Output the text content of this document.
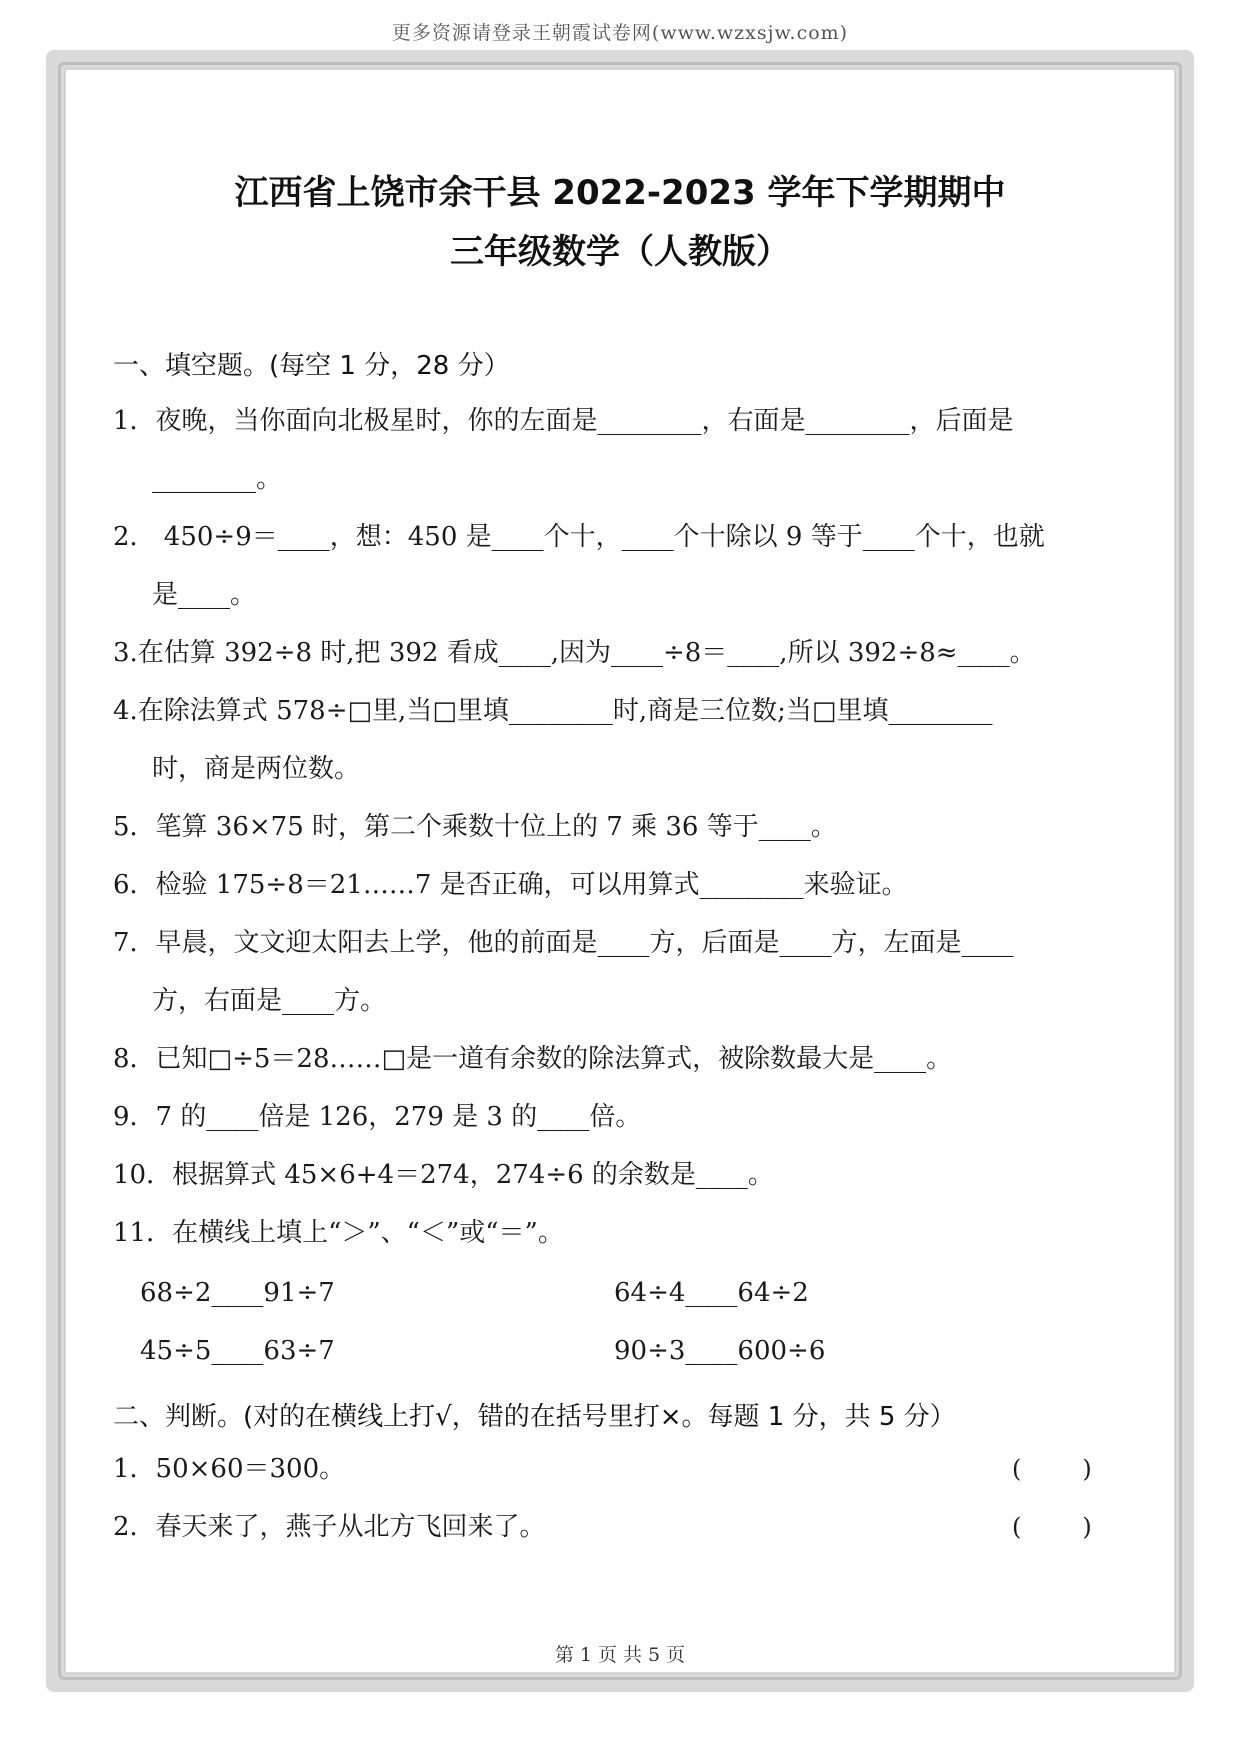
更多资源请登录王朝霞试卷网(www.wzxsjw.com)
江西省上饶市余干县 2022-2023 学年下学期期中
三年级数学（人教版）
一、填空题。(每空 1 分，28 分）
1．夜晚，当你面向北极星时，你的左面是________，右面是________，后面是
________。
2． 450÷9＝____，想：450 是____个十，____个十除以 9 等于____个十，也就
是____。
3.在估算 392÷8 时,把 392 看成____,因为____÷8＝____,所以 392÷8≈____。
4.在除法算式 578÷□里,当□里填________时,商是三位数;当□里填________
时，商是两位数。
5．笔算 36×75 时，第二个乘数十位上的 7 乘 36 等于____。
6．检验 175÷8＝21……7 是否正确，可以用算式________来验证。
7．早晨，文文迎太阳去上学，他的前面是____方，后面是____方，左面是____
方，右面是____方。
8．已知□÷5＝28……□是一道有余数的除法算式，被除数最大是____。
9．7 的____倍是 126，279 是 3 的____倍。
10．根据算式 45×6+4＝274，274÷6 的余数是____。
11．在横线上填上“＞”、“＜”或“＝”。
68÷2____91÷7	64÷4____64÷2
45÷5____63÷7	90÷3____600÷6
二、判断。(对的在横线上打√，错的在括号里打×。每题 1 分，共 5 分）
1．50×60＝300。	(        )
2．春天来了，燕子从北方飞回来了。	(        )
第 1 页 共 5 页
